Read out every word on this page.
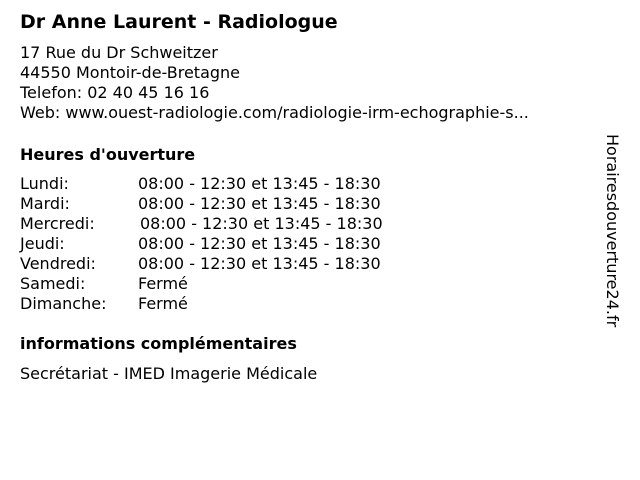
Dr Anne Laurent - Radiologue
17 Rue du Dr Schweitzer
44550 Montoir-de-Bretagne
Telefon: 02 40 45 16 16
Web: www.ouest-radiologie.com/radiologie-irm-echographie-s...
Heures d'ouverture
Lundi:	08:00 - 12:30 et 13:45 - 18:30
Mardi:	08:00 - 12:30 et 13:45 - 18:30
Mercredi:	08:00 - 12:30 et 13:45 - 18:30
Jeudi:	08:00 - 12:30 et 13:45 - 18:30
Vendredi:	08:00 - 12:30 et 13:45 - 18:30
Samedi:	Fermé
Dimanche: Fermé
informations complémentaires
Secrétariat - IMED Imagerie Médicale
Horairesdouverture24.fr
